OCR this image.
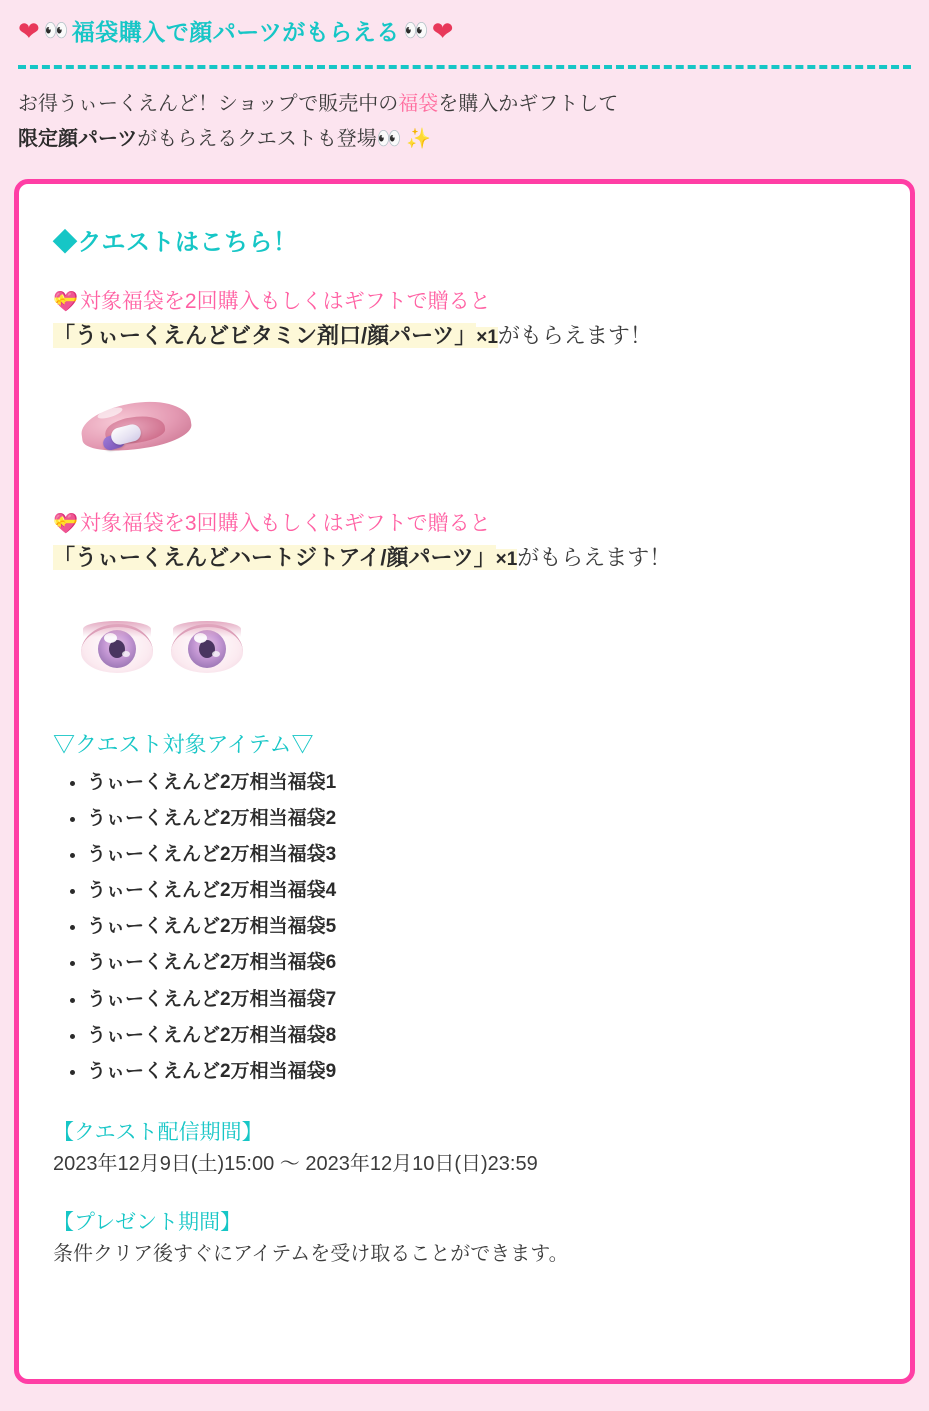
❤ 👀 福袋購入で顔パーツがもらえる 👀 ❤
お得うぃーくえんど！ショップで販売中の福袋を購入かギフトして
限定顔パーツがもらえるクエストも登場👀 ✨
◆クエストはこちら！
💝 対象福袋を2回購入もしくはギフトで贈ると
「うぃーくえんどビタミン剤口/顔パーツ」×1がもらえます！
💝 対象福袋を3回購入もしくはギフトで贈ると
「うぃーくえんどハートジトアイ/顔パーツ」×1がもらえます！
▽クエスト対象アイテム▽
• うぃーくえんど2万相当福袋1
• うぃーくえんど2万相当福袋2
• うぃーくえんど2万相当福袋3
• うぃーくえんど2万相当福袋4
• うぃーくえんど2万相当福袋5
• うぃーくえんど2万相当福袋6
• うぃーくえんど2万相当福袋7
• うぃーくえんど2万相当福袋8
• うぃーくえんど2万相当福袋9
【クエスト配信期間】
2023年12月9日(土)15:00 〜 2023年12月10日(日)23:59
【プレゼント期間】
条件クリア後すぐにアイテムを受け取ることができます。
